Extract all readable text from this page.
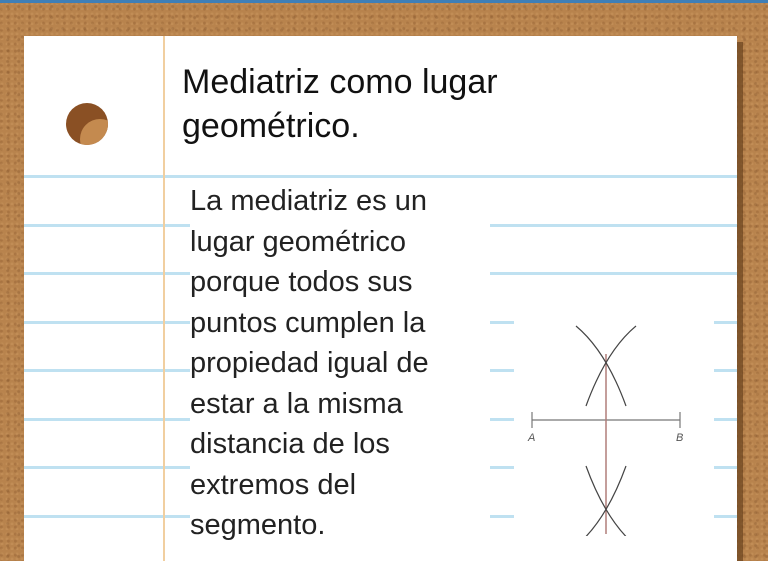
Mediatriz como lugar geométrico.

La mediatriz es un lugar geométrico porque todos sus puntos cumplen la propiedad igual de estar a la misma distancia de los extremos del segmento.

A	B
